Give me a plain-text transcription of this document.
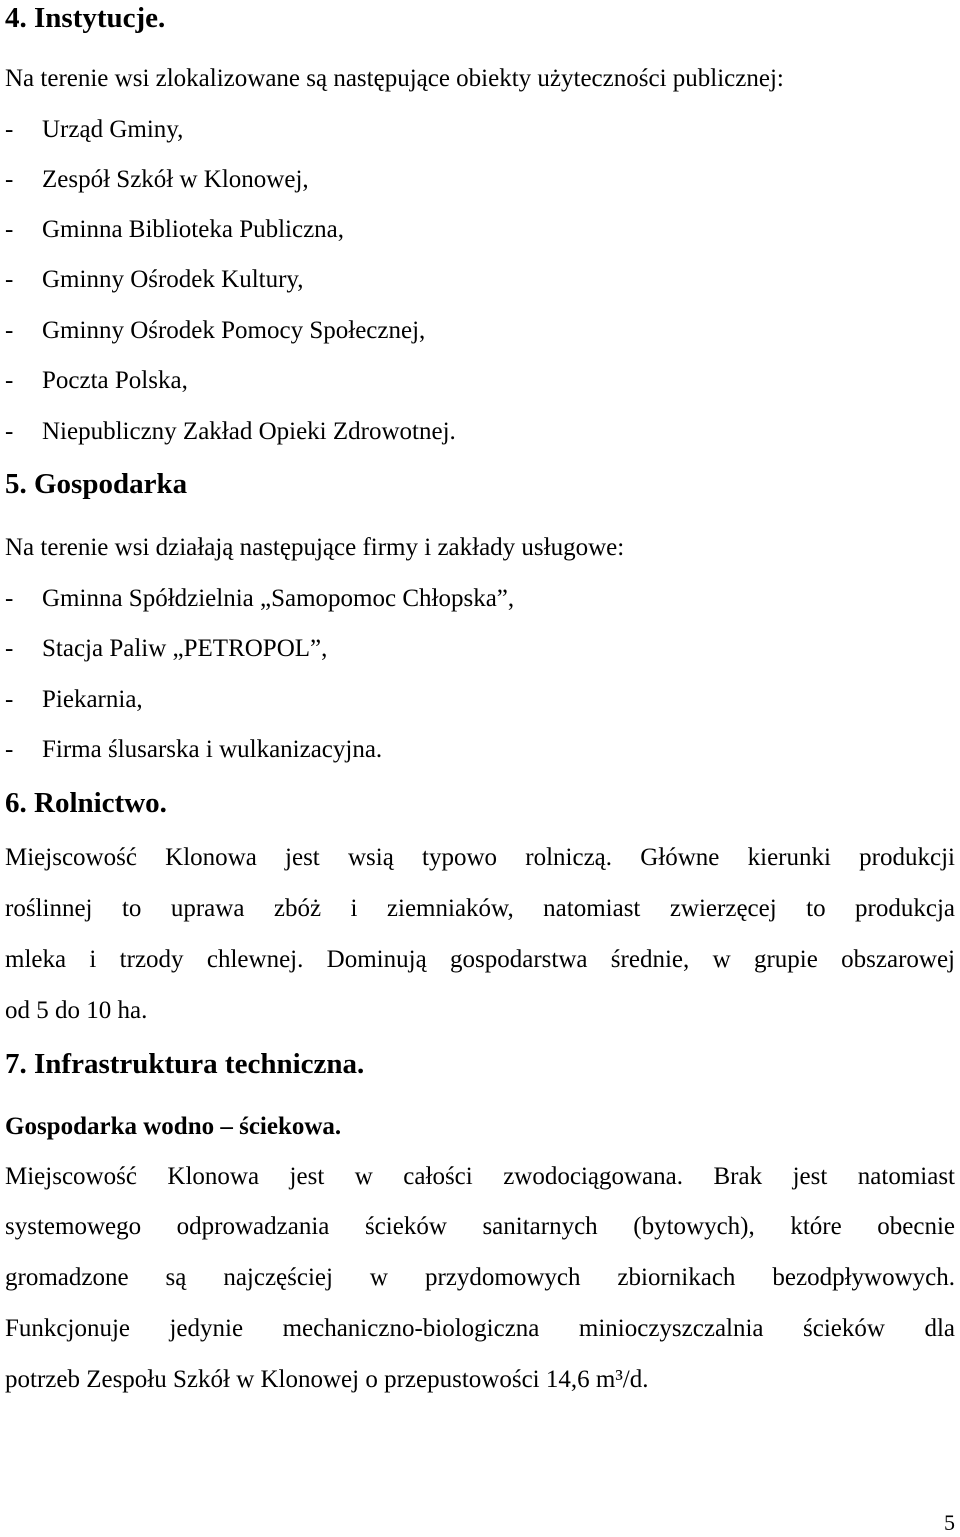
4. Instytucje.

Na terenie wsi zlokalizowane są następujące obiekty użyteczności publicznej:

- Urząd Gminy,
- Zespół Szkół w Klonowej,
- Gminna Biblioteka Publiczna,
- Gminny Ośrodek Kultury,
- Gminny Ośrodek Pomocy Społecznej,
- Poczta Polska,
- Niepubliczny Zakład Opieki Zdrowotnej.
5. Gospodarka

Na terenie wsi działają następujące firmy i zakłady usługowe:

- Gminna Spółdzielnia „Samopomoc Chłopska”,
- Stacja Paliw „PETROPOL”,
- Piekarnia,
- Firma ślusarska i wulkanizacyjna.
6. Rolnictwo.

Miejscowość Klonowa jest wsią typowo rolniczą. Główne kierunki produkcji

roślinnej to uprawa zbóż i ziemniaków, natomiast zwierzęcej to produkcja

mleka i trzody chlewnej. Dominują gospodarstwa średnie, w grupie obszarowej

od 5 do 10 ha.

7. Infrastruktura techniczna.
Gospodarka wodno – ściekowa.

Miejscowość Klonowa jest w całości zwodociągowana. Brak jest natomiast

systemowego odprowadzania ścieków sanitarnych (bytowych), które obecnie

gromadzone są najczęściej w przydomowych zbiornikach bezodpływowych.

Funkcjonuje jedynie mechaniczno-biologiczna minioczyszczalnia ścieków dla

potrzeb Zespołu Szkół w Klonowej o przepustowości 14,6 m³/d.

5
